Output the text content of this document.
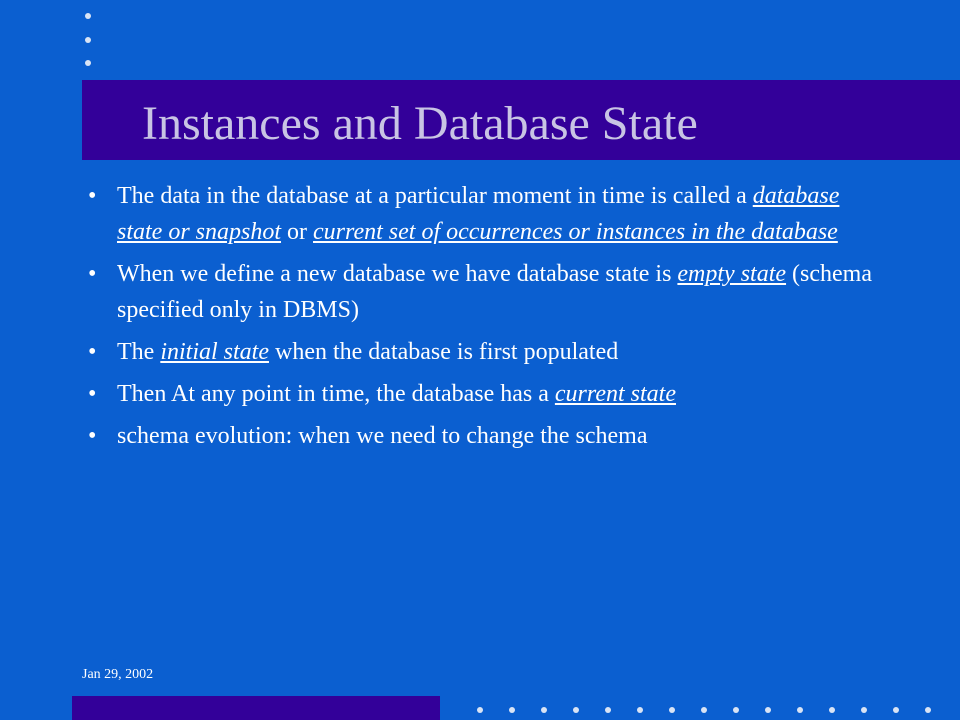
Instances and Database State
• The data in the database at a particular moment in time is called a database state or snapshot or current set of occurrences or instances in the database
• When we define a new database we have database state is empty state (schema specified only in DBMS)
• The initial state when the database is first populated
• Then At any point in time, the database has a current state
• schema evolution: when we need to change the schema
Jan 29, 2002
